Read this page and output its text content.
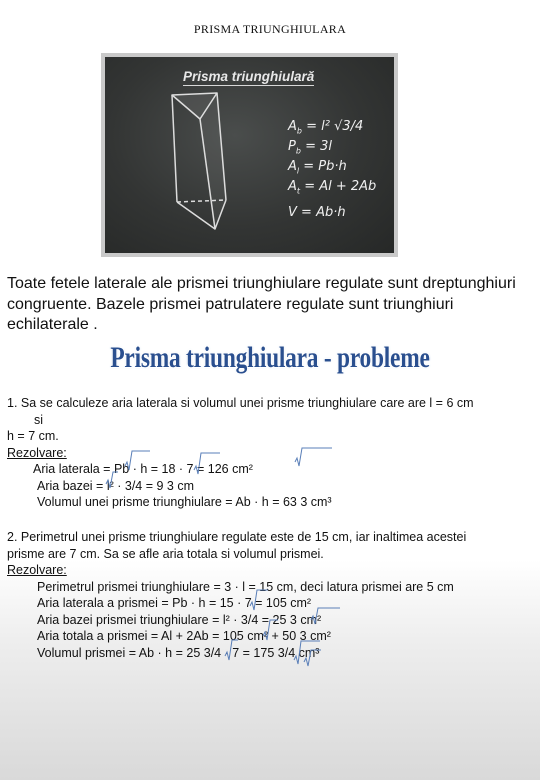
PRISMA TRIUNGHIULARA
Prisma triunghiulară
$A_b = l^2$ √3/4
$P_b = 3l$
$A_l = Pb\cdot h$
$A_t = Al + 2Ab$
V = Ab·h
Toate fetele laterale ale prismei triunghiulare regulate sunt dreptunghiuri congruente. Bazele prismei patrulatere regulate sunt triunghiuri echilaterale .
Prisma triunghiulara - probleme
1. Sa se calculeze aria laterala si volumul unei prisme triunghiulare care are l = 6 cm
si
h = 7 cm.
Rezolvare:
Aria laterala = Pb · h = 18 · 7 = 126 cm²
Aria bazei = l² · 3/4 = 9 3 cm
Volumul unei prisme triunghiulare = Ab · h = 63 3 cm³
2. Perimetrul unei prisme triunghiulare regulate este de 15 cm, iar inaltimea acestei
prisme are 7 cm. Sa se afle aria totala si volumul prismei.
Rezolvare:
Perimetrul prismei triunghiulare = 3 · l = 15 cm, deci latura prismei are 5 cm
Aria laterala a prismei = Pb · h = 15 · 7 = 105 cm²
Aria bazei prismei triunghiulare = l² · 3/4 = 25 3 cm²
Aria totala a prismei = Al + 2Ab = 105 cm² + 50 3 cm²
Volumul prismei = Ab · h = 25 3/4 · 7 = 175 3/4 cm³
